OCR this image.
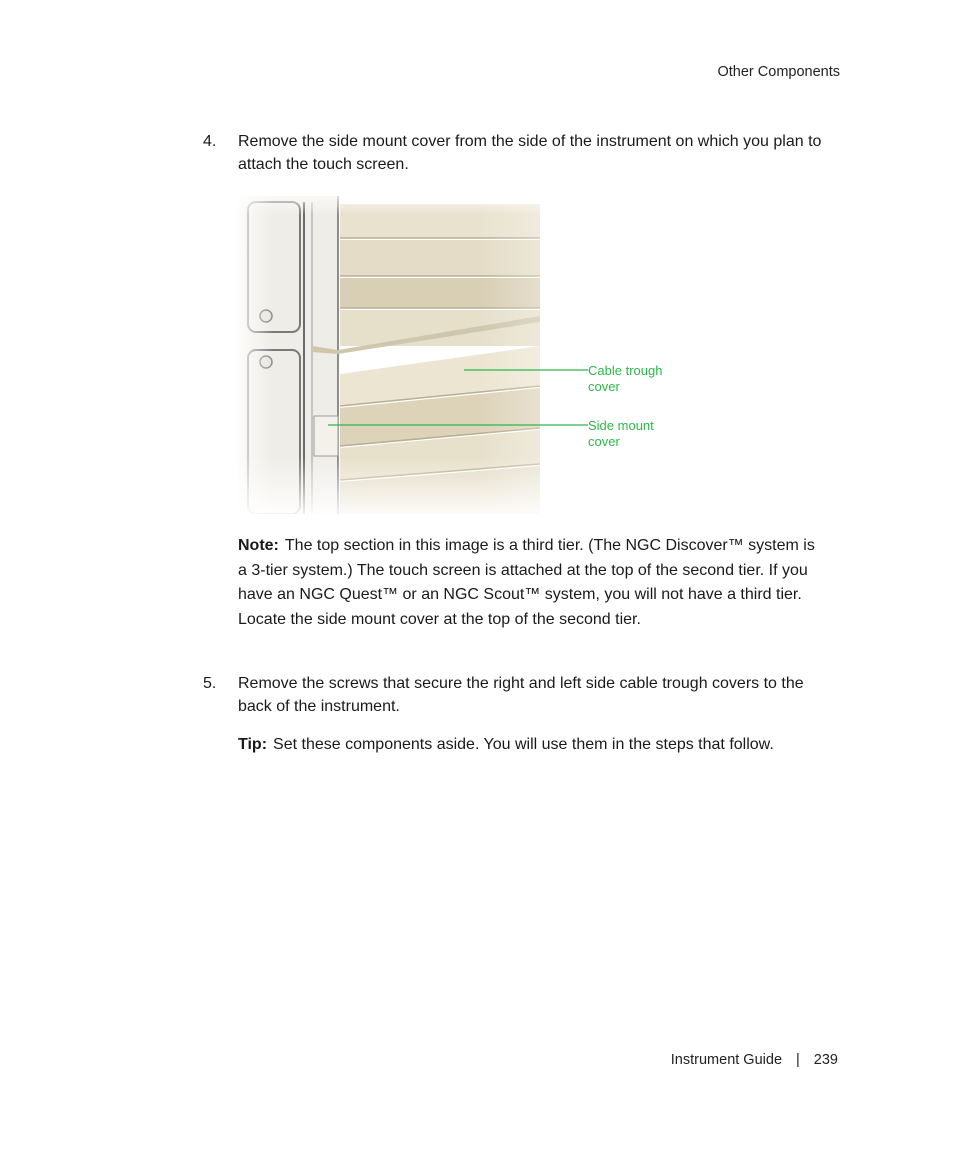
Other Components
4. Remove the side mount cover from the side of the instrument on which you plan to attach the touch screen.
Cable trough
cover
Side mount
cover
Note: The top section in this image is a third tier. (The NGC Discover™ system is a 3-tier system.) The touch screen is attached at the top of the second tier. If you have an NGC Quest™ or an NGC Scout™ system, you will not have a third tier. Locate the side mount cover at the top of the second tier.
5. Remove the screws that secure the right and left side cable trough covers to the back of the instrument.
Tip: Set these components aside. You will use them in the steps that follow.
Instrument Guide | 239
